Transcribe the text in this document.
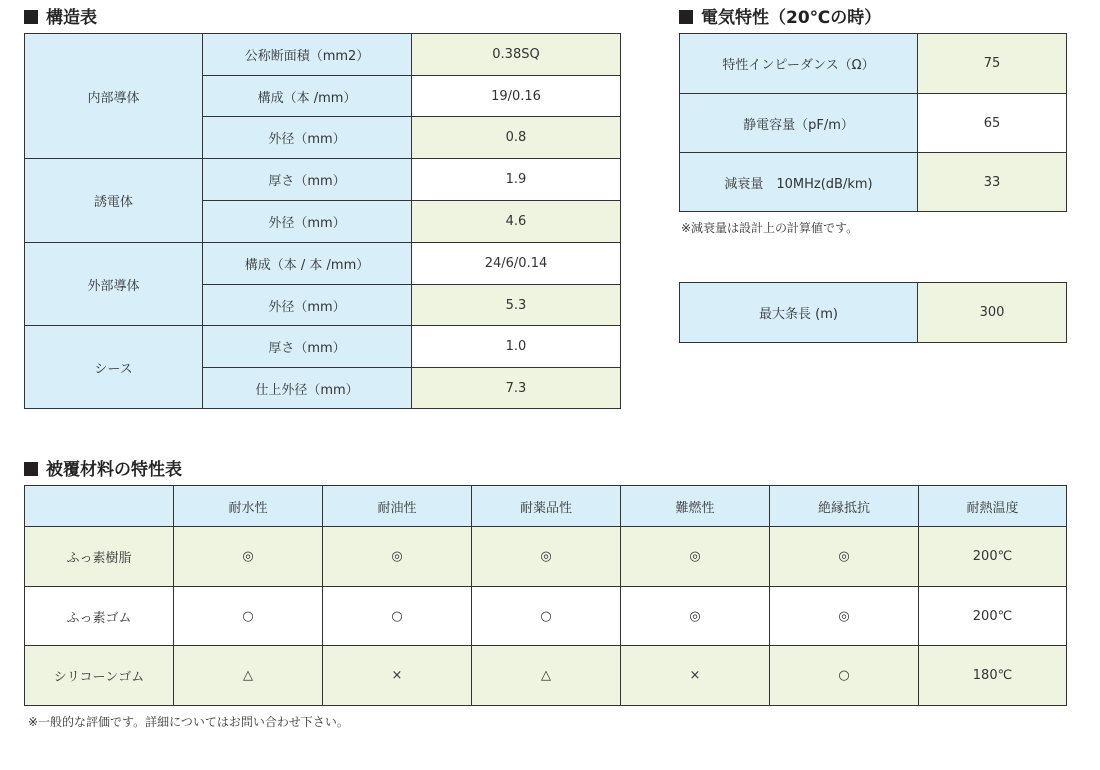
構造表
内部導体	公称断面積（mm2）	0.38SQ
	構成（本 /mm）	19/0.16
	外径（mm）	0.8
誘電体	厚さ（mm）	1.9
	外径（mm）	4.6
外部導体	構成（本 / 本 /mm）	24/6/0.14
	外径（mm）	5.3
シース	厚さ（mm）	1.0
	仕上外径（mm）	7.3
電気特性（20℃の時）
特性インピーダンス（Ω）	75
静電容量（pF/m）	65
減衰量　10MHz(dB/km)	33
※減衰量は設計上の計算値です。
最大条長 (m)	300
被覆材料の特性表
	耐水性	耐油性	耐薬品性	難燃性	絶縁抵抗	耐熱温度
ふっ素樹脂	◎	◎	◎	◎	◎	200℃
ふっ素ゴム	○	○	○	◎	◎	200℃
シリコーンゴム	△	×	△	×	○	180℃
※一般的な評価です。詳細についてはお問い合わせ下さい。
